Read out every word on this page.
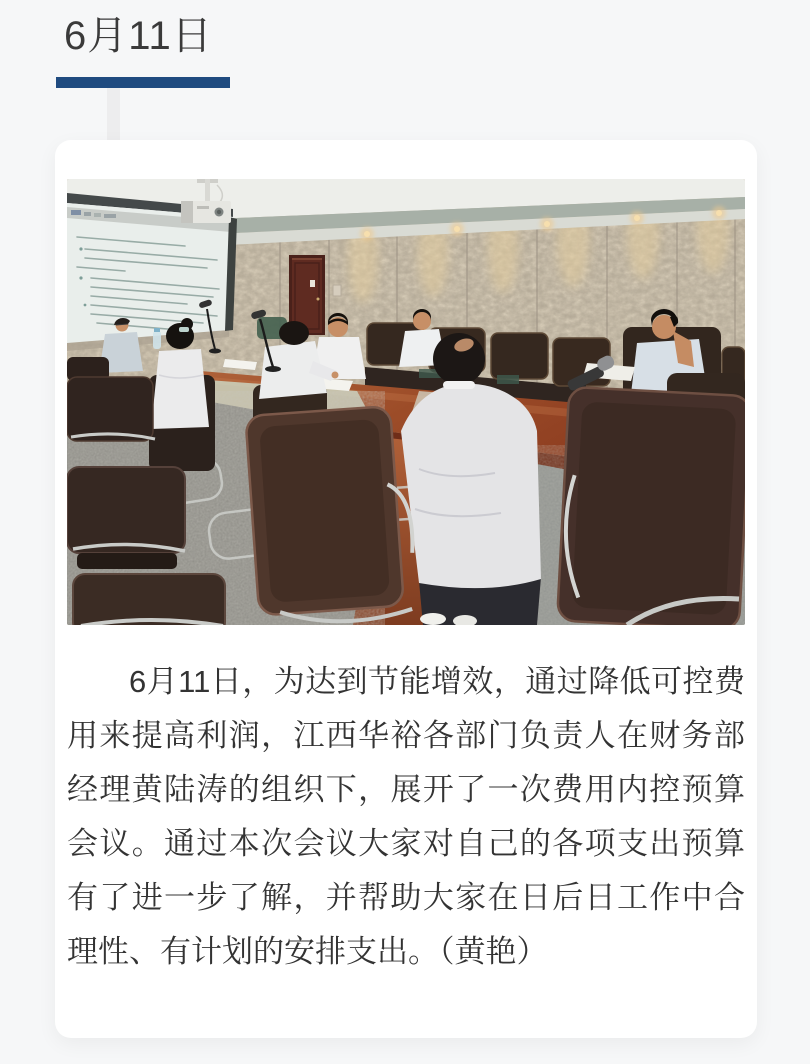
6月11日

6月11日，为达到节能增效，通过降低可控费用来提高利润，江西华裕各部门负责人在财务部经理黄陆涛的组织下，展开了一次费用内控预算会议。通过本次会议大家对自己的各项支出预算有了进一步了解，并帮助大家在日后日工作中合理性、有计划的安排支出。（黄艳）
